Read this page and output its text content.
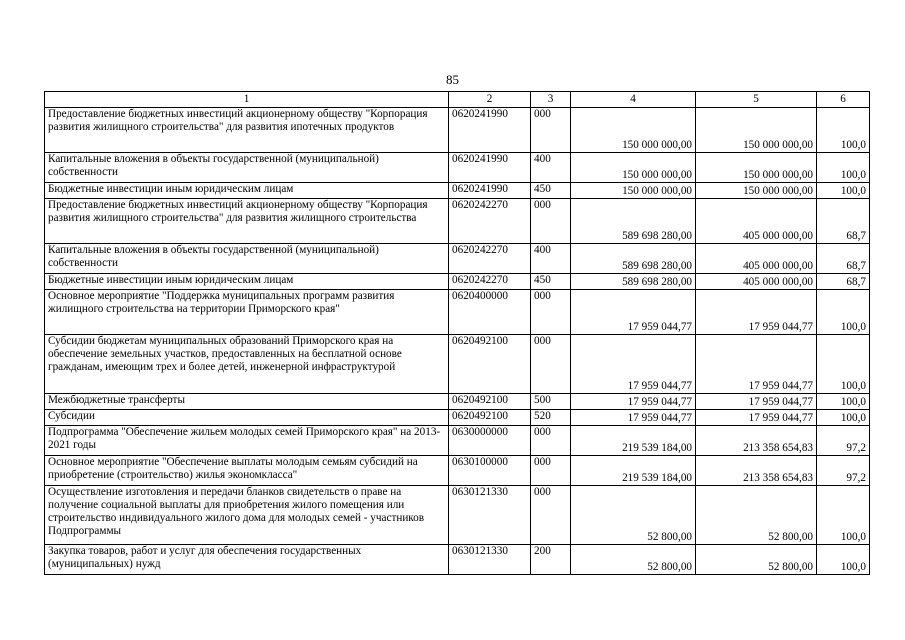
85
1	2	3	4	5	6
Предоставление бюджетных инвестиций акционерному обществу "Корпорация развития жилищного строительства" для развития ипотечных продуктов	0620241990	000	150 000 000,00	150 000 000,00	100,0
Капитальные вложения в объекты государственной (муниципальной) собственности	0620241990	400	150 000 000,00	150 000 000,00	100,0
Бюджетные инвестиции иным юридическим лицам	0620241990	450	150 000 000,00	150 000 000,00	100,0
Предоставление бюджетных инвестиций акционерному обществу "Корпорация развития жилищного строительства" для развития жилищного строительства	0620242270	000	589 698 280,00	405 000 000,00	68,7
Капитальные вложения в объекты государственной (муниципальной) собственности	0620242270	400	589 698 280,00	405 000 000,00	68,7
Бюджетные инвестиции иным юридическим лицам	0620242270	450	589 698 280,00	405 000 000,00	68,7
Основное мероприятие "Поддержка муниципальных программ развития жилищного строительства на территории Приморского края"	0620400000	000	17 959 044,77	17 959 044,77	100,0
Субсидии бюджетам муниципальных образований Приморского края на обеспечение земельных участков, предоставленных на бесплатной основе гражданам, имеющим трех и более детей, инженерной инфраструктурой	0620492100	000	17 959 044,77	17 959 044,77	100,0
Межбюджетные трансферты	0620492100	500	17 959 044,77	17 959 044,77	100,0
Субсидии	0620492100	520	17 959 044,77	17 959 044,77	100,0
Подпрограмма "Обеспечение жильем молодых семей Приморского края" на 2013-2021 годы	0630000000	000	219 539 184,00	213 358 654,83	97,2
Основное мероприятие "Обеспечение выплаты молодым семьям субсидий на приобретение (строительство) жилья экономкласса"	0630100000	000	219 539 184,00	213 358 654,83	97,2
Осуществление изготовления и передачи бланков свидетельств о праве на получение социальной выплаты для приобретения жилого помещения или строительство индивидуального жилого дома для молодых семей - участников Подпрограммы	0630121330	000	52 800,00	52 800,00	100,0
Закупка товаров, работ и услуг для обеспечения государственных (муниципальных) нужд	0630121330	200	52 800,00	52 800,00	100,0
